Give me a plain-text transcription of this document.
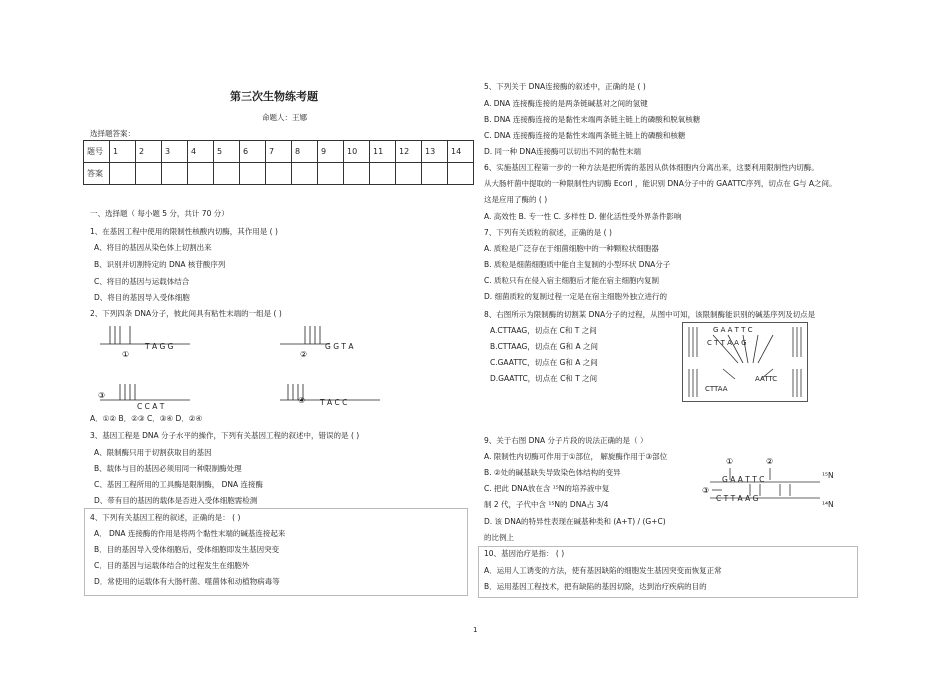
第三次生物练考题
命题人：王娜
选择题答案：
题号	1	2	3	4	5	6	7	8	9	10	11	12	13	14
答案														
一、选择题（ 每小题 5 分，共计 70 分）
1、在基因工程中使用的限制性核酸内切酶，其作用是 ( )
A、将目的基因从染色体上切割出来
B、识别并切割特定的 DNA 核苷酸序列
C、将目的基因与运载体结合
D、将目的基因导入受体细胞
2、下列四条 DNA分子，彼此间具有粘性末端的一组是 ( )
①	②
③
④
T A G G	G G T A
C C A T	T A C C
A．①② B．②③ C．③④ D．②④
3、基因工程是 DNA 分子水平的操作，下列有关基因工程的叙述中，错误的是 ( )
A、限制酶只用于切割获取目的基因
B、载体与目的基因必须用同一种限制酶处理
C、基因工程所用的工具酶是限制酶， DNA 连接酶
D、带有目的基因的载体是否进入受体细胞需检测
4、下列有关基因工程的叙述，正确的是： ( )
A． DNA 连接酶的作用是将两个黏性末端的碱基连接起来
B．目的基因导入受体细胞后，受体细胞即发生基因突变
C．目的基因与运载体结合的过程发生在细胞外
D．常使用的运载体有大肠杆菌、噬菌体和动植物病毒等
5、下列关于 DNA连接酶的叙述中，正确的是 ( )
A. DNA 连接酶连接的是两条链碱基对之间的氢键
B. DNA 连接酶连接的是黏性末端两条链主链上的磷酸和脱氧核糖
C. DNA 连接酶连接的是黏性末端两条链主链上的磷酸和核糖
D. 同一种 DNA连接酶可以切出不同的黏性末端
6、实施基因工程第一步的一种方法是把所需的基因从供体细胞内分离出来，这要利用限制性内切酶。
从大肠杆菌中提取的一种限制性内切酶 EcorI ，能识别 DNA分子中的 GAATTC序列，切点在 G与 A之间。
这是应用了酶的 ( )
A. 高效性 B. 专一性 C. 多样性 D. 催化活性受外界条件影响
7、下列有关质粒的叙述，正确的是 ( )
A. 质粒是广泛存在于细菌细胞中的一种颗粒状细胞器
B. 质粒是细菌细胞质中能自主复制的小型环状 DNA分子
C. 质粒只有在侵入宿主细胞后才能在宿主细胞内复制
D. 细菌质粒的复制过程一定是在宿主细胞外独立进行的
8、右图所示为限制酶的切割某 DNA分子的过程，从图中可知，该限制酶能识别的碱基序列及切点是
A.CTTAAG，切点在 C和 T 之间
B.CTTAAG，切点在 G和 A 之间
C.GAATTC，切点在 G和 A 之间
D.GAATTC，切点在 C和 T 之间
G A A T T C
C T T A A G
AATTC
CTTAA
9、关于右图 DNA 分子片段的说法正确的是（ ）
A. 限制性内切酶可作用于①部位， 解旋酶作用于③部位
B. ②处的碱基缺失导致染色体结构的变异
C. 把此 DNA放在含 ¹⁵N的培养液中复
制 2 代，子代中含 ¹⁵N的 DNA占 3/4
D. 该 DNA的特异性表现在碱基种类和 (A+T) / (G+C)
的比例上
①	②
③
G A A T T C
C T T A A G
¹⁵N
¹⁴N
10、基因治疗是指： ( )
A．运用人工诱变的方法，使有基因缺陷的细胞发生基因突变而恢复正常
B．运用基因工程技术，把有缺陷的基因切除，达到治疗疾病的目的
1
